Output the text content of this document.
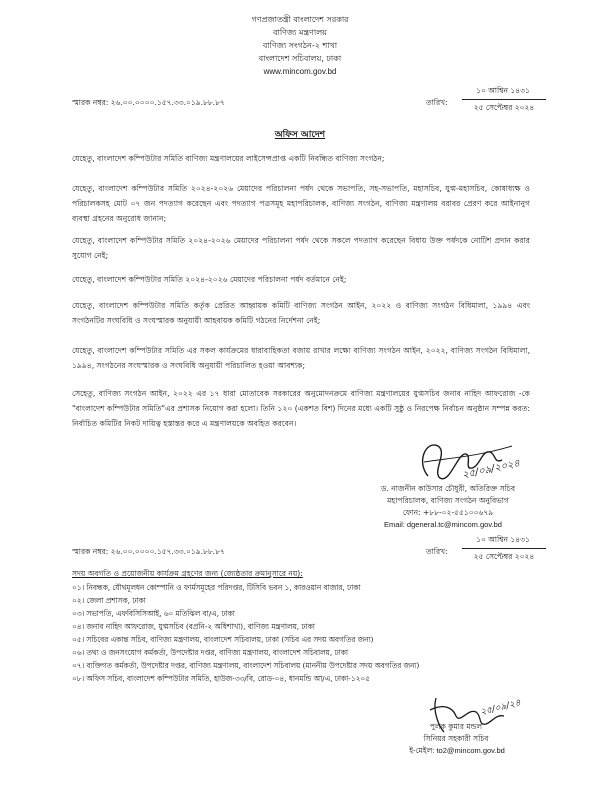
গণপ্রজাতন্ত্রী বাংলাদেশ সরকার
বাণিজ্য মন্ত্রণালয়
বাণিজ্য সংগঠন-২ শাখা
বাংলাদেশ সচিবালয়, ঢাকা
www.mincom.gov.bd
স্মারক নম্বর: ২৬.০০.০০০০.১৫৭.৩৩.০১৯.৮৮.৮৭	তারিখ:
১০ আশ্বিন ১৪৩১
২৫ সেপ্টেম্বর ২০২৪
অফিস আদেশ
যেহেতু, বাংলাদেশ কম্পিউটার সমিতি বাণিজ্য মন্ত্রণালয়ের লাইসেন্সপ্রাপ্ত একটি নিবন্ধিত বাণিজ্য সংগঠন;
যেহেতু, বাংলাদেশ কম্পিউটার সমিতি ২০২৪-২০২৬ মেয়াদের পরিচালনা পর্ষদ থেকে সভাপতি, সহ-সভাপতি, মহাসচিব, যুগ্ম-মহাসচিব, কোষাধ্যক্ষ ও পরিচালকসহ মোট ০৭ জন পদত্যাগ করেছেন এবং পদত্যাগ পত্রসমূহ মহাপরিচালক, বাণিজ্য সংগঠন, বাণিজ্য মন্ত্রণালয় বরাবর প্রেরণ করে আইনানুগ ব্যবস্থা গ্রহনের অনুরোধ জানান;
যেহেতু, বাংলাদেশ কম্পিউটার সমিতি ২০২৪-২০২৬ মেয়াদের পরিচালনা পর্ষদ থেকে সকলে পদত্যাগ করেছেন বিধায় উক্ত পর্ষদকে নোটিশ প্রদান করার সুযোগ নেই;
যেহেতু, বাংলাদেশ কম্পিউটার সমিতি ২০২৪-২০২৬ মেয়াদের পরিচালনা পর্ষদ বর্তমানে নেই;
যেহেতু, বাংলাদেশ কম্পিউটার সমিতি কর্তৃক প্রেরিত আহ্বায়ক কমিটি বাণিজ্য সংগঠন আইন, ২০২২ ও বাণিজ্য সংগঠন বিধিমালা, ১৯৯৪ এবং সংগঠনটির সংঘবিধি ও সংঘস্মারক অনুযায়ী আহবায়ক কমিটি গঠনের নির্দেশনা নেই;
যেহেতু, বাংলাদেশ কম্পিউটার সমিতি এর সকল কার্যক্রমের ধারাবাহিকতা বজায় রাখার লক্ষ্যে বাণিজ্য সংগঠন আইন, ২০২২, বাণিজ্য সংগঠন বিধিমালা, ১৯৯৪, সংগঠনের সংঘস্মারক ও সংঘবিধি অনুযায়ী পরিচালিত হওয়া আবশ্যক;
সেহেতু, বাণিজ্য সংগঠন আইন, ২০২২ এর ১৭ ধারা মোতাবেক সরকারের অনুমোদনক্রমে বাণিজ্য মন্ত্রণালয়ের যুগ্মসচিব জনাব নাহিদ আফরোজ -কে "বাংলাদেশ কম্পিউটার সমিতি"এর প্রশাসক নিয়োগ করা হলো। তিনি ১২০ (একশত বিশ) দিনের মধ্যে একটি সুষ্ঠু ও নিরপেক্ষ নির্বাচন অনুষ্ঠান সম্পন্ন করত: নির্বাচিত কমিটির নিকট দায়িত্ব হস্তান্তর করে এ মন্ত্রণালয়কে অবহিত করবেন।
২৫/০৯/২০২৪
ড. নাজনীন কাউসার চৌধুরী, অতিরিক্ত সচিব
মহাপরিচালক, বাণিজ্য সংগঠন অনুবিভাগ
ফোন: +৮৮-০২-৫৫১০০৬৭৯
Email: dgeneral.tc@mincom.gov.bd
স্মারক নম্বর: ২৬.০০.০০০০.১৫৭.৩৩.০১৯.৮৮.৮৭	তারিখ:
১০ আশ্বিন ১৪৩১
২৫ সেপ্টেম্বর ২০২৪
সদয় অবগতি ও প্রয়োজনীয় কার্যক্রম গ্রহণের জন্য (জ্যেষ্ঠতার ক্রমানুসারে নয়):
০১। নিবন্ধক, যৌথমূলধন কোম্পানি ও ফার্মসমূহের পরিদপ্তর, টিসিবি ভবন ১, কারওয়ান বাজার, ঢাকা
০২। জেলা প্রশাসক, ঢাকা
০৩। সভাপতি, এফবিসিসিআই, ৬০ মতিঝিল বা/এ, ঢাকা
০৪। জনাব নাহিদ আফরোজ, যুগ্মসচিব (বপ্রনি-২ অধিশাখা), বাণিজ্য মন্ত্রণালয়, ঢাকা
০৫। সচিবের একান্ত সচিব, বাণিজ্য মন্ত্রণালয়, বাংলাদেশ সচিবালয়, ঢাকা (সচিব এর সদয় অবগতির জন্য)
০৬। তথ্য ও জনসংযোগ কর্মকর্তা, উপদেষ্টার দপ্তর, বাণিজ্য মন্ত্রণালয়, বাংলাদেশ সচিবালয়, ঢাকা
০৭। ব্যক্তিগত কর্মকর্তা, উপদেষ্টার দপ্তর, বাণিজ্য মন্ত্রণালয়, বাংলাদেশ সচিবালয় (মাননীয় উপদেষ্টার সদয় অবগতির জন্য)
০৮। অফিস সচিব, বাংলাদেশ কম্পিউটার সমিতি, হাউজ-৩৩/বি, রোড-০৪, ধানমন্ডি আ/এ, ঢাকা-১২০৫
২৫/০৯/২৪
পুলক কুমার মন্ডল
সিনিয়র সহকারী সচিব
ই-মেইল: to2@mincom.gov.bd
